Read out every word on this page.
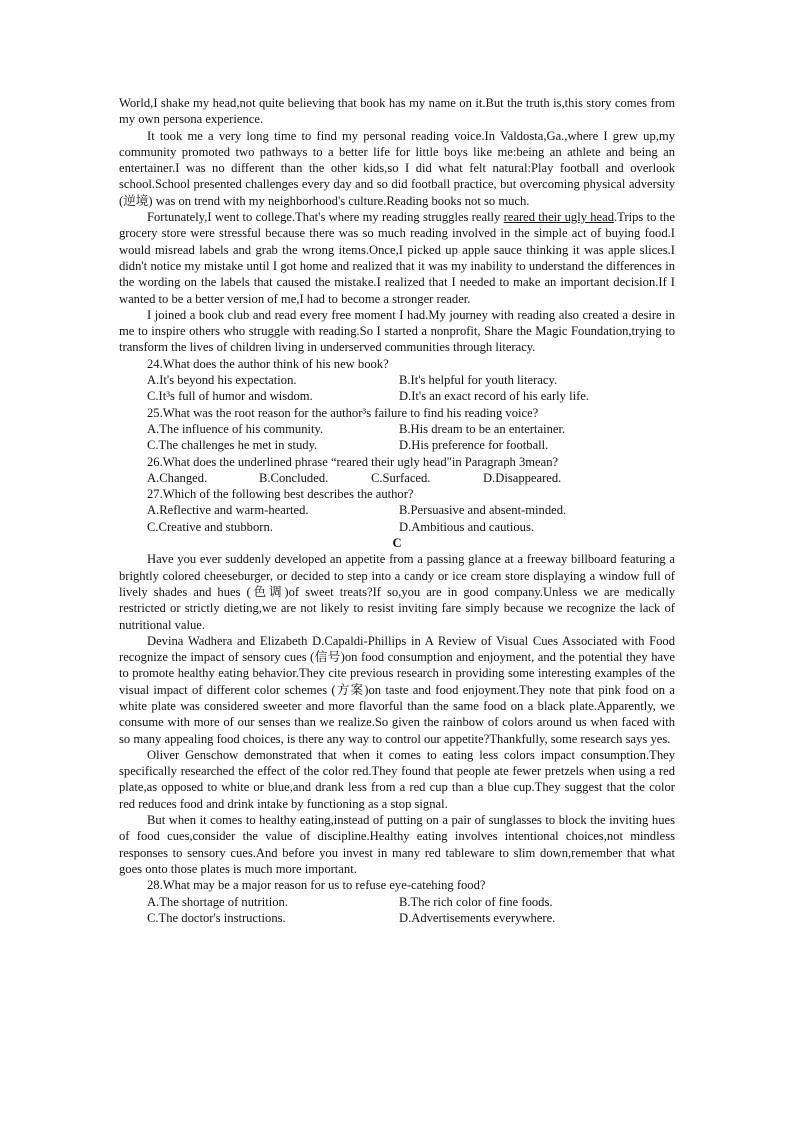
World,I shake my head,not quite believing that book has my name on it.But the truth is,this story comes from my own persona experience.

It took me a very long time to find my personal reading voice.In Valdosta,Ga.,where I grew up,my community promoted two pathways to a better life for little boys like me:being an athlete and being an entertainer.I was no different than the other kids,so I did what felt natural:Play football and overlook school.School presented challenges every day and so did football practice, but overcoming physical adversity (逆境) was on trend with my neighborhood's culture.Reading books not so much.

Fortunately,I went to college.That's where my reading struggles really reared their ugly head.Trips to the grocery store were stressful because there was so much reading involved in the simple act of buying food.I would misread labels and grab the wrong items.Once,I picked up apple sauce thinking it was apple slices.I didn't notice my mistake until I got home and realized that it was my inability to understand the differences in the wording on the labels that caused the mistake.I realized that I needed to make an important decision.If I wanted to be a better version of me,I had to become a stronger reader.

I joined a book club and read every free moment I had.My journey with reading also created a desire in me to inspire others who struggle with reading.So I started a nonprofit, Share the Magic Foundation,trying to transform the lives of children living in underserved communities through literacy.

24.What does the author think of his new book?

A.It's beyond his expectation.	B.It's helpful for youth literacy.
C.It³s full of humor and wisdom.	D.It's an exact record of his early life.

25.What was the root reason for the author³s failure to find his reading voice?

A.The influence of his community.	B.His dream to be an entertainer.
C.The challenges he met in study.	D.His preference for football.

26.What does the underlined phrase “reared their ugly head"in Paragraph 3mean?

A.Changed.	B.Concluded.	C.Surfaced.	D.Disappeared.

27.Which of the following best describes the author?

A.Reflective and warm-hearted.	B.Persuasive and absent-minded.
C.Creative and stubborn.	D.Ambitious and cautious.

C

Have you ever suddenly developed an appetite from a passing glance at a freeway billboard featuring a brightly colored cheeseburger, or decided to step into a candy or ice cream store displaying a window full of lively shades and hues (色调)of sweet treats?If so,you are in good company.Unless we are medically restricted or strictly dieting,we are not likely to resist inviting fare simply because we recognize the lack of nutritional value.

Devina Wadhera and Elizabeth D.Capaldi-Phillips in A Review of Visual Cues Associated with Food recognize the impact of sensory cues (信号)on food consumption and enjoyment, and the potential they have to promote healthy eating behavior.They cite previous research in providing some interesting examples of the visual impact of different color schemes (方案)on taste and food enjoyment.They note that pink food on a white plate was considered sweeter and more flavorful than the same food on a black plate.Apparently, we consume with more of our senses than we realize.So given the rainbow of colors around us when faced with so many appealing food choices, is there any way to control our appetite?Thankfully, some research says yes.

Oliver Genschow demonstrated that when it comes to eating less colors impact consumption.They specifically researched the effect of the color red.They found that people ate fewer pretzels when using a red plate,as opposed to white or blue,and drank less from a red cup than a blue cup.They suggest that the color red reduces food and drink intake by functioning as a stop signal.

But when it comes to healthy eating,instead of putting on a pair of sunglasses to block the inviting hues of food cues,consider the value of discipline.Healthy eating involves intentional choices,not mindless responses to sensory cues.And before you invest in many red tableware to slim down,remember that what goes onto those plates is much more important.

28.What may be a major reason for us to refuse eye-catehing food?

A.The shortage of nutrition.	B.The rich color of fine foods.
C.The doctor's instructions.	D.Advertisements everywhere.
